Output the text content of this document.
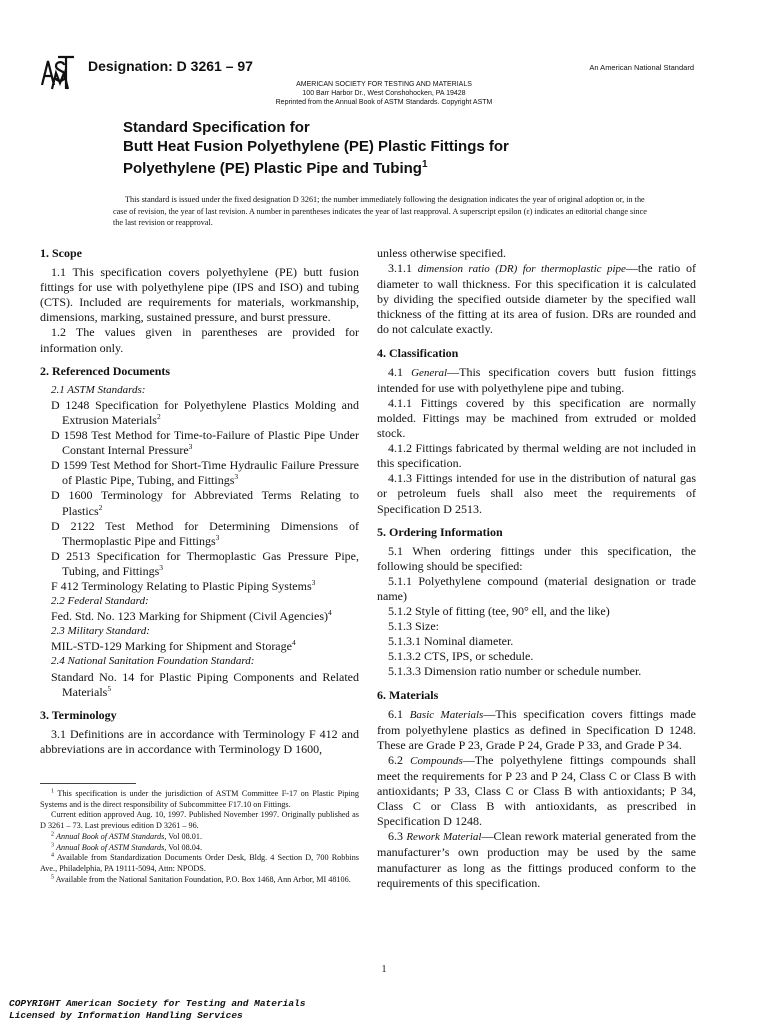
Designation: D 3261 – 97	An American National Standard
AMERICAN SOCIETY FOR TESTING AND MATERIALS
100 Barr Harbor Dr., West Conshohocken, PA 19428
Reprinted from the Annual Book of ASTM Standards. Copyright ASTM
Standard Specification for
Butt Heat Fusion Polyethylene (PE) Plastic Fittings for
Polyethylene (PE) Plastic Pipe and Tubing$^1$
This standard is issued under the fixed designation D 3261; the number immediately following the designation indicates the year of original adoption or, in the case of revision, the year of last revision. A number in parentheses indicates the year of last reapproval. A superscript epsilon (ε) indicates an editorial change since the last revision or reapproval.

1. Scope

1.1 This specification covers polyethylene (PE) butt fusion fittings for use with polyethylene pipe (IPS and ISO) and tubing (CTS). Included are requirements for materials, workmanship, dimensions, marking, sustained pressure, and burst pressure.

1.2 The values given in parentheses are provided for information only.

2. Referenced Documents

2.1 ASTM Standards:

D 1248 Specification for Polyethylene Plastics Molding and Extrusion Materials$^2$

D 1598 Test Method for Time-to-Failure of Plastic Pipe Under Constant Internal Pressure$^3$

D 1599 Test Method for Short-Time Hydraulic Failure Pressure of Plastic Pipe, Tubing, and Fittings$^3$

D 1600 Terminology for Abbreviated Terms Relating to Plastics$^2$

D 2122 Test Method for Determining Dimensions of Thermoplastic Pipe and Fittings$^3$

D 2513 Specification for Thermoplastic Gas Pressure Pipe, Tubing, and Fittings$^3$

F 412 Terminology Relating to Plastic Piping Systems$^3$

2.2 Federal Standard:

Fed. Std. No. 123 Marking for Shipment (Civil Agencies)$^4$

2.3 Military Standard:

MIL-STD-129 Marking for Shipment and Storage$^4$

2.4 National Sanitation Foundation Standard:

Standard No. 14 for Plastic Piping Components and Related Materials$^5$

3. Terminology

3.1 Definitions are in accordance with Terminology F 412 and abbreviations are in accordance with Terminology D 1600,

unless otherwise specified.

3.1.1 dimension ratio (DR) for thermoplastic pipe—the ratio of diameter to wall thickness. For this specification it is calculated by dividing the specified outside diameter by the specified wall thickness of the fitting at its area of fusion. DRs are rounded and do not calculate exactly.

4. Classification

4.1 General—This specification covers butt fusion fittings intended for use with polyethylene pipe and tubing.

4.1.1 Fittings covered by this specification are normally molded. Fittings may be machined from extruded or molded stock.

4.1.2 Fittings fabricated by thermal welding are not included in this specification.

4.1.3 Fittings intended for use in the distribution of natural gas or petroleum fuels shall also meet the requirements of Specification D 2513.

5. Ordering Information

5.1 When ordering fittings under this specification, the following should be specified:

5.1.1 Polyethylene compound (material designation or trade name)

5.1.2 Style of fitting (tee, 90° ell, and the like)

5.1.3 Size:

5.1.3.1 Nominal diameter.

5.1.3.2 CTS, IPS, or schedule.

5.1.3.3 Dimension ratio number or schedule number.

6. Materials

6.1 Basic Materials—This specification covers fittings made from polyethylene plastics as defined in Specification D 1248. These are Grade P 23, Grade P 24, Grade P 33, and Grade P 34.

6.2 Compounds—The polyethylene fittings compounds shall meet the requirements for P 23 and P 24, Class C or Class B with antioxidants; P 33, Class C or Class B with antioxidants; P 34, Class C or Class B with antioxidants, as prescribed in Specification D 1248.

6.3 Rework Material—Clean rework material generated from the manufacturer’s own production may be used by the same manufacturer as long as the fittings produced conform to the requirements of this specification.

$^1$ This specification is under the jurisdiction of ASTM Committee F-17 on Plastic Piping Systems and is the direct responsibility of Subcommittee F17.10 on Fittings.

Current edition approved Aug. 10, 1997. Published November 1997. Originally published as D 3261 – 73. Last previous edition D 3261 – 96.

$^2$ Annual Book of ASTM Standards, Vol 08.01.

$^3$ Annual Book of ASTM Standards, Vol 08.04.

$^4$ Available from Standardization Documents Order Desk, Bldg. 4 Section D, 700 Robbins Ave., Philadelphia, PA 19111-5094, Attn: NPODS.

$^5$ Available from the National Sanitation Foundation, P.O. Box 1468, Ann Arbor, MI 48106.

1
COPYRIGHT American Society for Testing and Materials
Licensed by Information Handling Services
